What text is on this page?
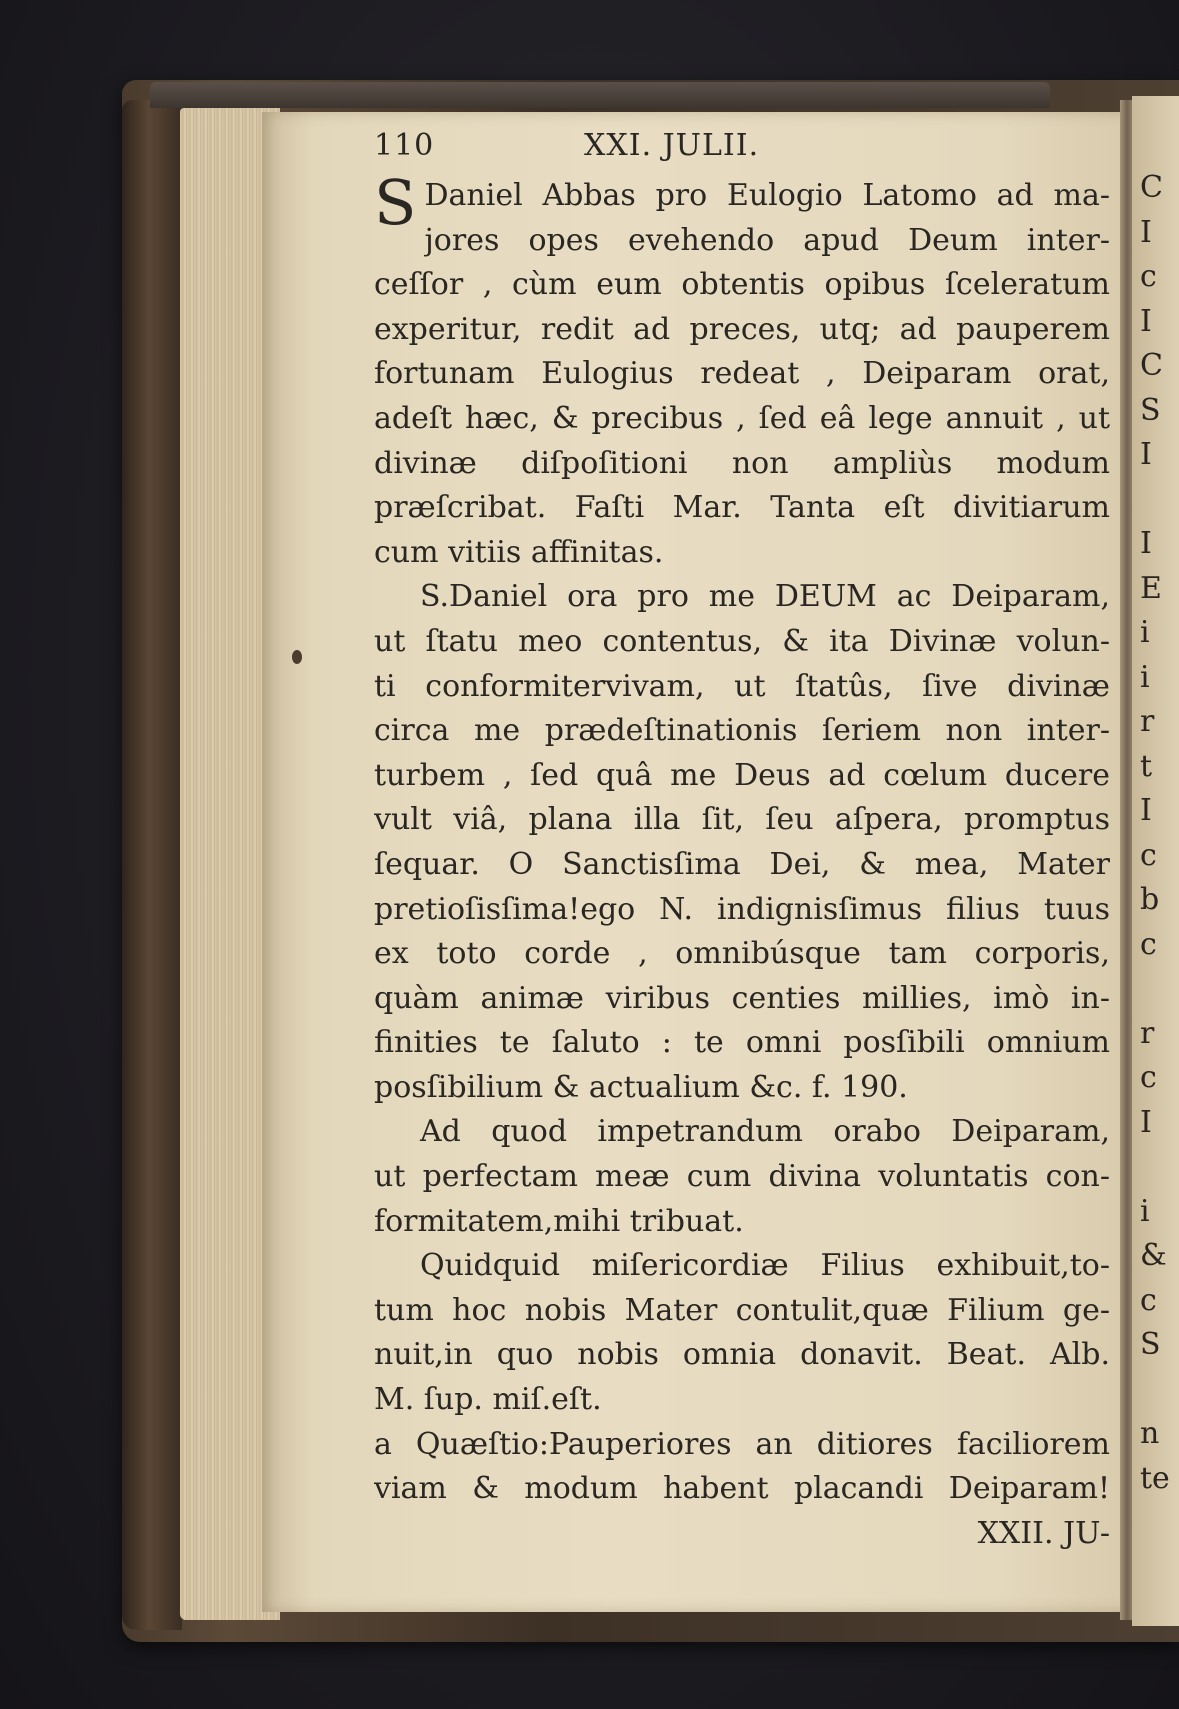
C
I
c
I
C
S
I
I
E
i
i
r
t
I
c
b
c
r
c
I
i
&
c
S
n
te
110	XXI. JULII.
S Daniel Abbas pro Eulogio Latomo ad ma-
jores opes evehendo apud Deum inter-
ceſſor , cùm eum obtentis opibus ſceleratum
experitur, redit ad preces, utq; ad pauperem
fortunam Eulogius redeat , Deiparam orat,
adeſt hæc, & precibus , ſed eâ lege annuit , ut
divinæ diſpoſitioni non ampliùs modum
præſcribat. Faſti Mar. Tanta eſt divitiarum
cum vitiis affinitas.
S.Daniel ora pro me DEUM ac Deiparam,
ut ſtatu meo contentus, & ita Divinæ volun-
ti conformitervivam, ut ſtatûs, ſive divinæ
circa me prædeſtinationis ſeriem non inter-
turbem , ſed quâ me Deus ad cœlum ducere
vult viâ, plana illa ſit, ſeu aſpera, promptus
ſequar. O Sanctisſima Dei, & mea, Mater
pretioſisſima!ego N. indignisſimus filius tuus
ex toto corde , omnibúsque tam corporis,
quàm animæ viribus centies millies, imò in-
finities te ſaluto : te omni posſibili omnium
posſibilium & actualium &c. f. 190.
Ad quod impetrandum orabo Deiparam,
ut perfectam meæ cum divina voluntatis con-
formitatem,mihi tribuat.
Quidquid miſericordiæ Filius exhibuit,to-
tum hoc nobis Mater contulit,quæ Filium ge-
nuit,in quo nobis omnia donavit. Beat. Alb.
M. ſup. miſ.eſt.
a Quæſtio:Pauperiores an ditiores faciliorem
viam & modum habent placandi Deiparam!
XXII. JU-
